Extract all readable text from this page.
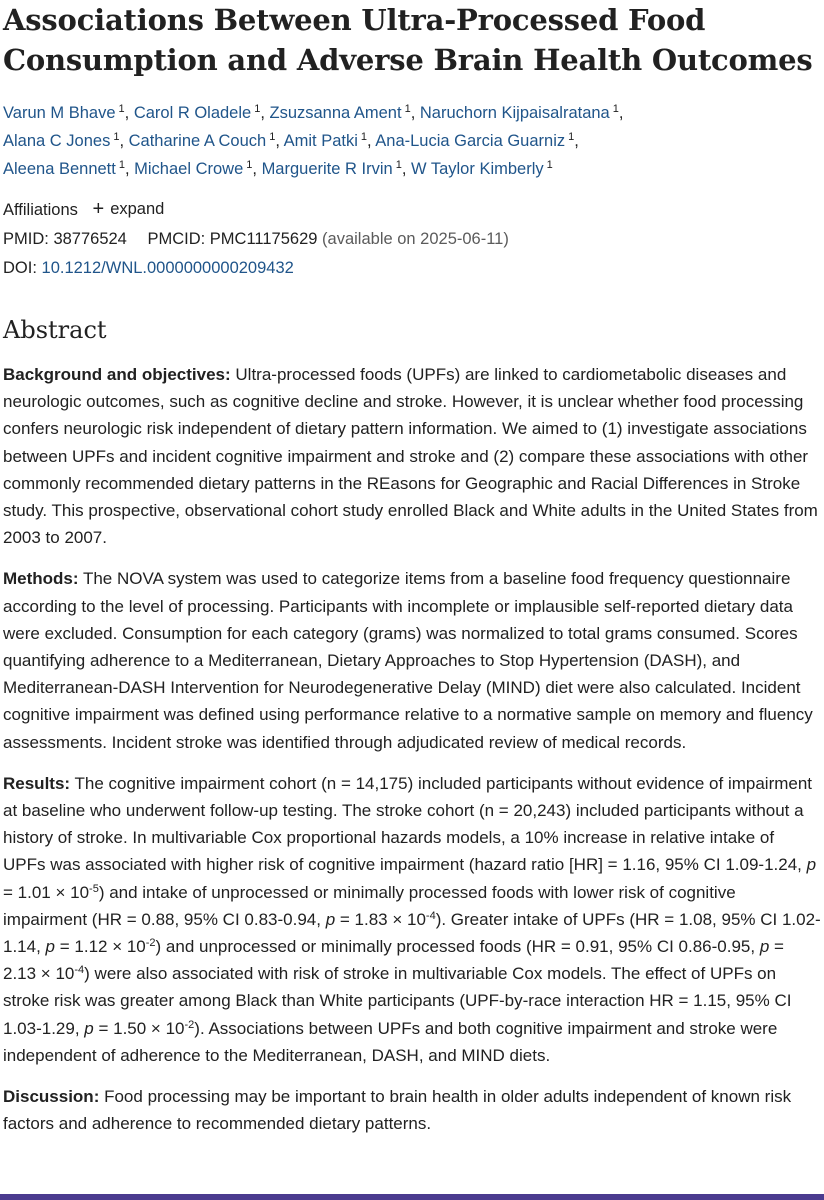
Associations Between Ultra-Processed Food Consumption and Adverse Brain Health Outcomes
Varun M Bhave $^1$, Carol R Oladele $^1$, Zsuzsanna Ament $^1$, Naruchorn Kijpaisalratana $^1$,
Alana C Jones $^1$, Catharine A Couch $^1$, Amit Patki $^1$, Ana-Lucia Garcia Guarniz $^1$,
Aleena Bennett $^1$, Michael Crowe $^1$, Marguerite R Irvin $^1$, W Taylor Kimberly $^1$
Affiliations + expand
PMID: 38776524 PMCID: PMC11175629 (available on 2025-06-11)
DOI: 10.1212/WNL.0000000000209432
Abstract
Background and objectives: Ultra-processed foods (UPFs) are linked to cardiometabolic diseases and neurologic outcomes, such as cognitive decline and stroke. However, it is unclear whether food processing confers neurologic risk independent of dietary pattern information. We aimed to (1) investigate associations between UPFs and incident cognitive impairment and stroke and (2) compare these associations with other commonly recommended dietary patterns in the REasons for Geographic and Racial Differences in Stroke study. This prospective, observational cohort study enrolled Black and White adults in the United States from 2003 to 2007.
Methods: The NOVA system was used to categorize items from a baseline food frequency questionnaire according to the level of processing. Participants with incomplete or implausible self-reported dietary data were excluded. Consumption for each category (grams) was normalized to total grams consumed. Scores quantifying adherence to a Mediterranean, Dietary Approaches to Stop Hypertension (DASH), and Mediterranean-DASH Intervention for Neurodegenerative Delay (MIND) diet were also calculated. Incident cognitive impairment was defined using performance relative to a normative sample on memory and fluency assessments. Incident stroke was identified through adjudicated review of medical records.
Results: The cognitive impairment cohort (n = 14,175) included participants without evidence of impairment at baseline who underwent follow-up testing. The stroke cohort (n = 20,243) included participants without a history of stroke. In multivariable Cox proportional hazards models, a 10% increase in relative intake of UPFs was associated with higher risk of cognitive impairment (hazard ratio [HR] = 1.16, 95% CI 1.09-1.24, $p = 1.01 \times 10^{-5}$) and intake of unprocessed or minimally processed foods with lower risk of cognitive impairment (HR = 0.88, 95% CI 0.83-0.94, $p = 1.83 \times 10^{-4}$). Greater intake of UPFs (HR = 1.08, 95% CI 1.02-1.14, $p = 1.12 \times 10^{-2}$) and unprocessed or minimally processed foods (HR = 0.91, 95% CI 0.86-0.95, $p = 2.13 \times 10^{-4}$) were also associated with risk of stroke in multivariable Cox models. The effect of UPFs on stroke risk was greater among Black than White participants (UPF-by-race interaction HR = 1.15, 95% CI 1.03-1.29, $p = 1.50 \times 10^{-2}$). Associations between UPFs and both cognitive impairment and stroke were independent of adherence to the Mediterranean, DASH, and MIND diets.
Discussion: Food processing may be important to brain health in older adults independent of known risk factors and adherence to recommended dietary patterns.
